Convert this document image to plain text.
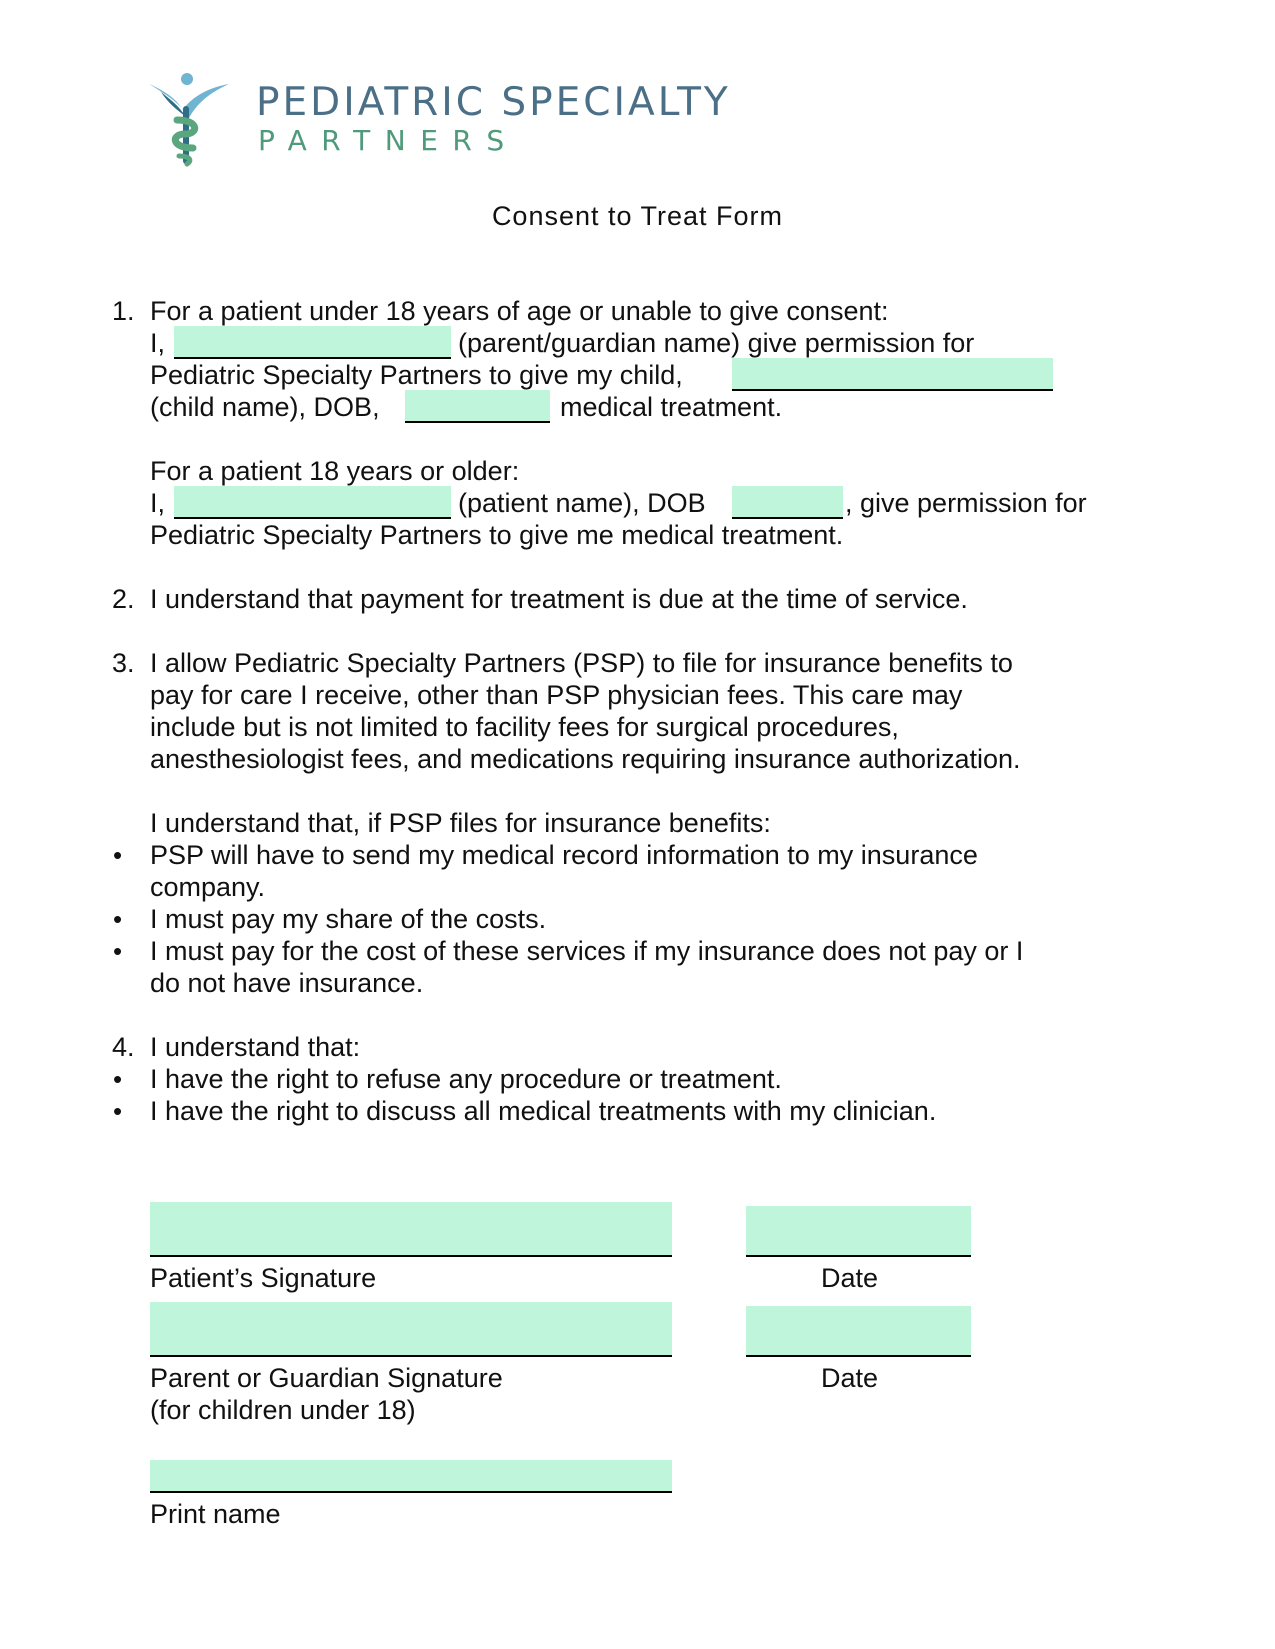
PEDIATRIC SPECIALTY
PARTNERS
Consent to Treat Form
1. For a patient under 18 years of age or unable to give consent:
I,	(parent/guardian name) give permission for
Pediatric Specialty Partners to give my child,
(child name), DOB,	medical treatment.
For a patient 18 years or older:
I,	(patient name), DOB	, give permission for
Pediatric Specialty Partners to give me medical treatment.
2. I understand that payment for treatment is due at the time of service.
3. I allow Pediatric Specialty Partners (PSP) to file for insurance benefits to
pay for care I receive, other than PSP physician fees. This care may
include but is not limited to facility fees for surgical procedures,
anesthesiologist fees, and medications requiring insurance authorization.
I understand that, if PSP files for insurance benefits:
• PSP will have to send my medical record information to my insurance
company.
• I must pay my share of the costs.
• I must pay for the cost of these services if my insurance does not pay or I
do not have insurance.
4. I understand that:
• I have the right to refuse any procedure or treatment.
• I have the right to discuss all medical treatments with my clinician.
Patient’s Signature	Date
Parent or Guardian Signature	Date
(for children under 18)
Print name
